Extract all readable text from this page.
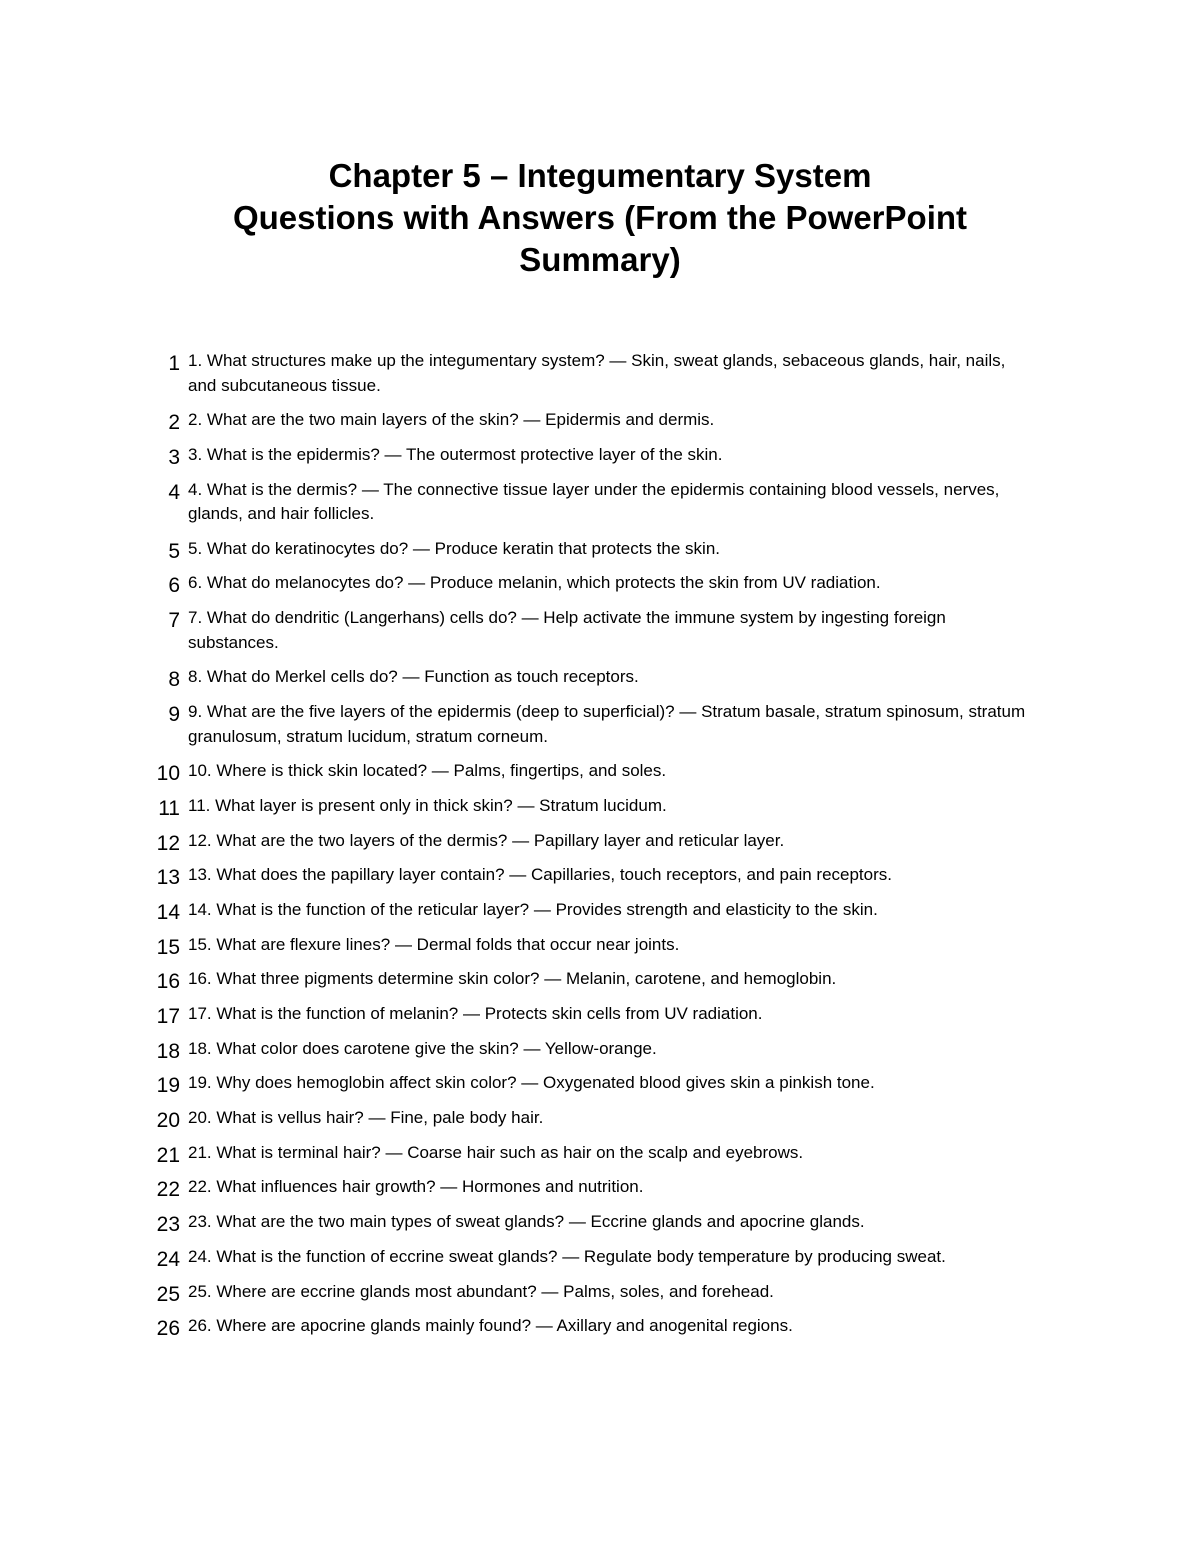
Chapter 5 – Integumentary System
Questions with Answers (From the PowerPoint
Summary)
1 1. What structures make up the integumentary system? — Skin, sweat glands, sebaceous glands, hair, nails, and subcutaneous tissue.
2 2. What are the two main layers of the skin? — Epidermis and dermis.
3 3. What is the epidermis? — The outermost protective layer of the skin.
4 4. What is the dermis? — The connective tissue layer under the epidermis containing blood vessels, nerves, glands, and hair follicles.
5 5. What do keratinocytes do? — Produce keratin that protects the skin.
6 6. What do melanocytes do? — Produce melanin, which protects the skin from UV radiation.
7 7. What do dendritic (Langerhans) cells do? — Help activate the immune system by ingesting foreign substances.
8 8. What do Merkel cells do? — Function as touch receptors.
9 9. What are the five layers of the epidermis (deep to superficial)? — Stratum basale, stratum spinosum, stratum granulosum, stratum lucidum, stratum corneum.
10 10. Where is thick skin located? — Palms, fingertips, and soles.
11 11. What layer is present only in thick skin? — Stratum lucidum.
12 12. What are the two layers of the dermis? — Papillary layer and reticular layer.
13 13. What does the papillary layer contain? — Capillaries, touch receptors, and pain receptors.
14 14. What is the function of the reticular layer? — Provides strength and elasticity to the skin.
15 15. What are flexure lines? — Dermal folds that occur near joints.
16 16. What three pigments determine skin color? — Melanin, carotene, and hemoglobin.
17 17. What is the function of melanin? — Protects skin cells from UV radiation.
18 18. What color does carotene give the skin? — Yellow-orange.
19 19. Why does hemoglobin affect skin color? — Oxygenated blood gives skin a pinkish tone.
20 20. What is vellus hair? — Fine, pale body hair.
21 21. What is terminal hair? — Coarse hair such as hair on the scalp and eyebrows.
22 22. What influences hair growth? — Hormones and nutrition.
23 23. What are the two main types of sweat glands? — Eccrine glands and apocrine glands.
24 24. What is the function of eccrine sweat glands? — Regulate body temperature by producing sweat.
25 25. Where are eccrine glands most abundant? — Palms, soles, and forehead.
26 26. Where are apocrine glands mainly found? — Axillary and anogenital regions.
